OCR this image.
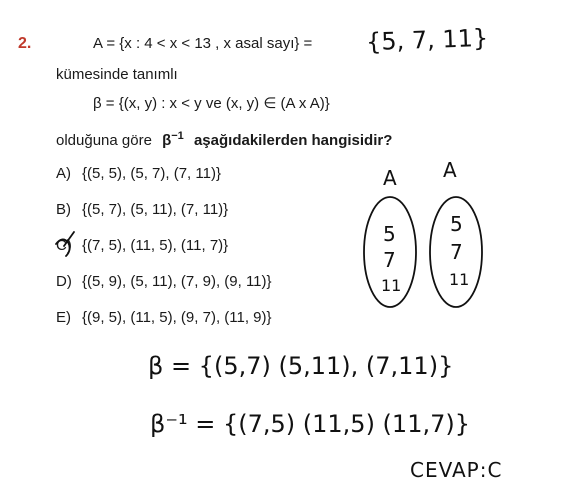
2.	A = {x : 4 < x < 13 , x asal sayı} = {5, 7, 11}
kümesinde tanımlı
β = {(x, y) : x < y ve (x, y) ∈ (A x A)}
olduğuna göre $\beta^{-1}$ aşağıdakilerden hangisidir?
A) {(5, 5), (5, 7), (7, 11)}
B) {(5, 7), (5, 11), (7, 11)}
C) {(7, 5), (11, 5), (11, 7)}
D) {(5, 9), (5, 11), (7, 9), (9, 11)}
E) {(9, 5), (11, 5), (9, 7), (11, 9)}
A A
5
7
11
5
7
11
β = {(5,7) (5,11), (7,11)}
β⁻¹ = {(7,5) (11,5) (11,7)}
CEVAP:C
